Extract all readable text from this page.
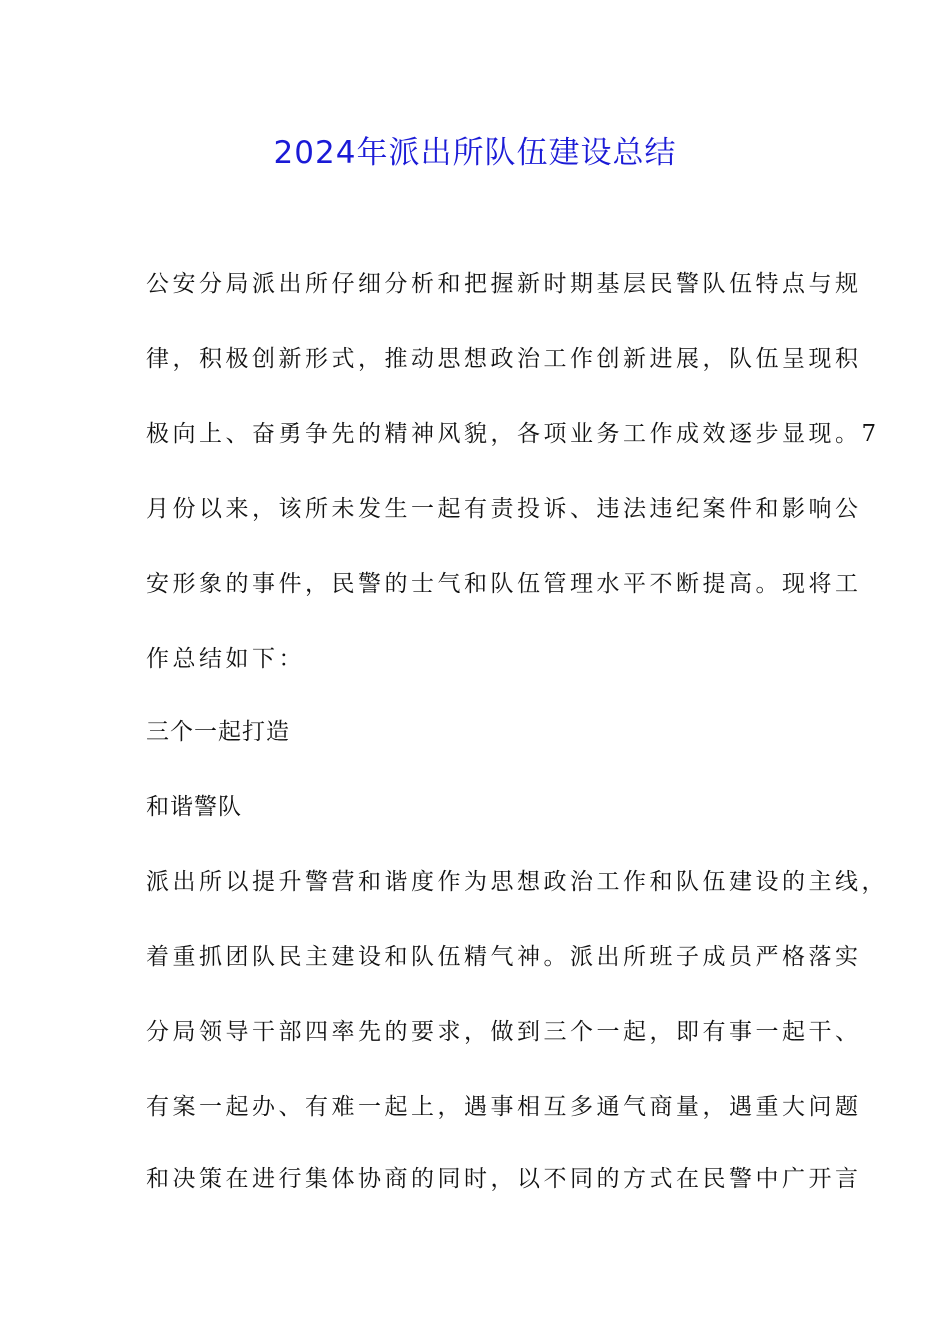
2024年派出所队伍建设总结
公安分局派出所仔细分析和把握新时期基层民警队伍特点与规
律，积极创新形式，推动思想政治工作创新进展，队伍呈现积
极向上、奋勇争先的精神风貌，各项业务工作成效逐步显现。7
月份以来，该所未发生一起有责投诉、违法违纪案件和影响公
安形象的事件，民警的士气和队伍管理水平不断提高。现将工
作总结如下：
三个一起打造
和谐警队
派出所以提升警营和谐度作为思想政治工作和队伍建设的主线，
着重抓团队民主建设和队伍精气神。派出所班子成员严格落实
分局领导干部四率先的要求，做到三个一起，即有事一起干、
有案一起办、有难一起上，遇事相互多通气商量，遇重大问题
和决策在进行集体协商的同时，以不同的方式在民警中广开言
